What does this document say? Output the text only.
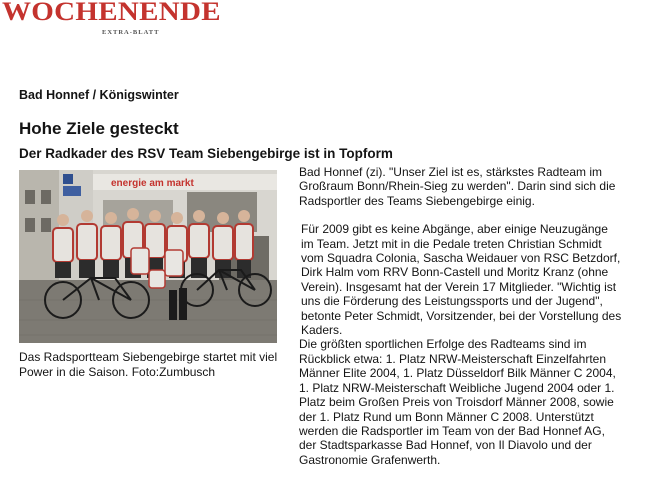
WOCHENENDE
EXTRA-BLATT
Bad Honnef / Königswinter
Hohe Ziele gesteckt
Der Radkader des RSV Team Siebengebirge ist in Topform
energie am markt
Das Radsportteam Siebengebirge startet mit viel Power in die Saison. Foto:Zumbusch

Bad Honnef (zi). "Unser Ziel ist es, stärkstes Radteam im
Großraum Bonn/Rhein-Sieg zu werden". Darin sind sich die
Radsportler des Teams Siebengebirge einig.

Für 2009 gibt es keine Abgänge, aber einige Neuzugänge
im Team. Jetzt mit in die Pedale treten Christian Schmidt
vom Squadra Colonia, Sascha Weidauer von RSC Betzdorf,
Dirk Halm vom RRV Bonn-Castell und Moritz Kranz (ohne
Verein). Insgesamt hat der Verein 17 Mitglieder. "Wichtig ist
uns die Förderung des Leistungssports und der Jugend",
betonte Peter Schmidt, Vorsitzender, bei der Vorstellung des
Kaders.

Die größten sportlichen Erfolge des Radteams sind im
Rückblick etwa: 1. Platz NRW-Meisterschaft Einzelfahrten
Männer Elite 2004, 1. Platz Düsseldorf Bilk Männer C 2004,
1. Platz NRW-Meisterschaft Weibliche Jugend 2004 oder 1.
Platz beim Großen Preis von Troisdorf Männer 2008, sowie
der 1. Platz Rund um Bonn Männer C 2008. Unterstützt
werden die Radsportler im Team von der Bad Honnef AG,
der Stadtsparkasse Bad Honnef, von Il Diavolo und der
Gastronomie Grafenwerth.
